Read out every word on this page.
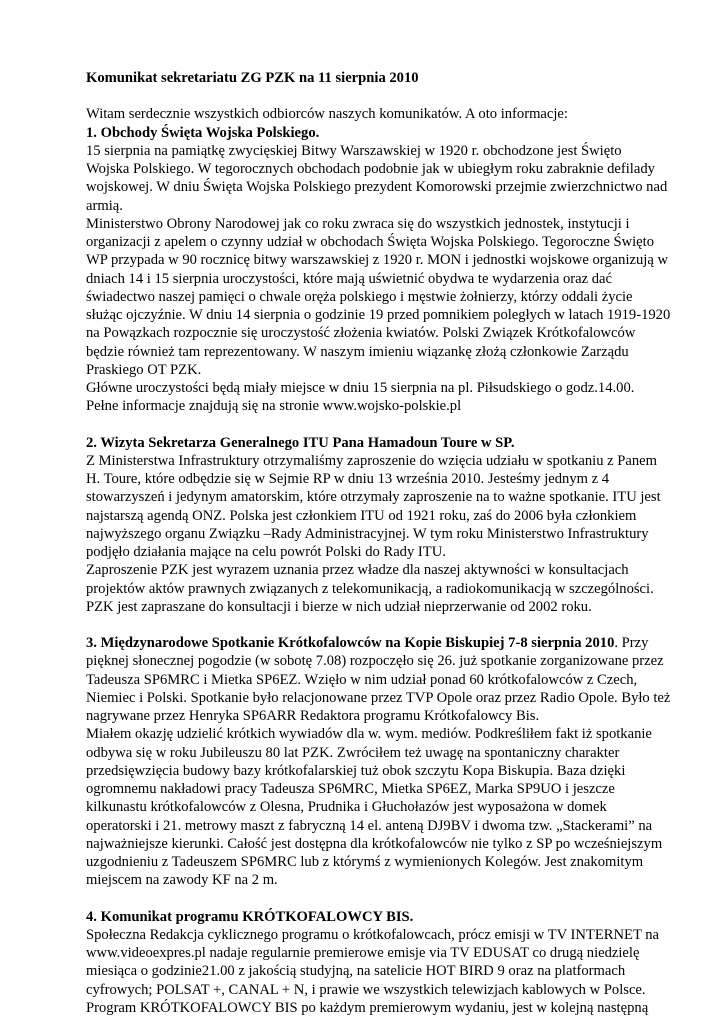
Komunikat sekretariatu ZG PZK na 11 sierpnia 2010

Witam serdecznie wszystkich odbiorców naszych komunikatów. A oto informacje:

1. Obchody Święta Wojska Polskiego.

15 sierpnia na pamiątkę zwycięskiej Bitwy Warszawskiej w 1920 r. obchodzone jest Święto
Wojska Polskiego. W tegorocznych obchodach podobnie jak w ubiegłym roku zabraknie defilady
wojskowej. W dniu Święta Wojska Polskiego prezydent Komorowski przejmie zwierzchnictwo nad
armią.
Ministerstwo Obrony Narodowej jak co roku zwraca się do wszystkich jednostek, instytucji i
organizacji z apelem o czynny udział w obchodach Święta Wojska Polskiego. Tegoroczne Święto
WP przypada w 90 rocznicę bitwy warszawskiej z 1920 r. MON i jednostki wojskowe organizują w
dniach 14 i 15 sierpnia uroczystości, które mają uświetnić obydwa te wydarzenia oraz dać
świadectwo naszej pamięci o chwale oręża polskiego i męstwie żołnierzy, którzy oddali życie
służąc ojczyźnie. W dniu 14 sierpnia o godzinie 19 przed pomnikiem poległych w latach 1919-1920
na Powązkach rozpocznie się uroczystość złożenia kwiatów. Polski Związek Krótkofalowców
będzie również tam reprezentowany. W naszym imieniu wiązankę złożą członkowie Zarządu
Praskiego OT PZK.
Główne uroczystości będą miały miejsce w dniu 15 sierpnia na pl. Piłsudskiego o godz.14.00.
Pełne informacje znajdują się na stronie www.wojsko-polskie.pl

2. Wizyta Sekretarza Generalnego ITU Pana Hamadoun Toure w SP.

Z Ministerstwa Infrastruktury otrzymaliśmy zaproszenie do wzięcia udziału w spotkaniu z Panem
H. Toure, które odbędzie się w Sejmie RP w dniu 13 września 2010. Jesteśmy jednym z 4
stowarzyszeń i jedynym amatorskim, które otrzymały zaproszenie na to ważne spotkanie. ITU jest
najstarszą agendą ONZ. Polska jest członkiem ITU od 1921 roku, zaś do 2006 była członkiem
najwyższego organu Związku –Rady Administracyjnej. W tym roku Ministerstwo Infrastruktury
podjęło działania mające na celu powrót Polski do Rady ITU.
Zaproszenie PZK jest wyrazem uznania przez władze dla naszej aktywności w konsultacjach
projektów aktów prawnych związanych z telekomunikacją, a radiokomunikacją w szczególności.
PZK jest zapraszane do konsultacji i bierze w nich udział nieprzerwanie od 2002 roku.

3. Międzynarodowe Spotkanie Krótkofalowców na Kopie Biskupiej 7-8 sierpnia 2010. Przy

pięknej słonecznej pogodzie (w sobotę 7.08) rozpoczęło się 26. już spotkanie zorganizowane przez
Tadeusza SP6MRC i Mietka SP6EZ. Wzięło w nim udział ponad 60 krótkofalowców z Czech,
Niemiec i Polski. Spotkanie było relacjonowane przez TVP Opole oraz przez Radio Opole. Było też
nagrywane przez Henryka SP6ARR Redaktora programu Krótkofalowcy Bis.
Miałem okazję udzielić krótkich wywiadów dla w. wym. mediów. Podkreśliłem fakt iż spotkanie
odbywa się w roku Jubileuszu 80 lat PZK. Zwróciłem też uwagę na spontaniczny charakter
przedsięwzięcia budowy bazy krótkofalarskiej tuż obok szczytu Kopa Biskupia. Baza dzięki
ogromnemu nakładowi pracy Tadeusza SP6MRC, Mietka SP6EZ, Marka SP9UO i jeszcze
kilkunastu krótkofalowców z Olesna, Prudnika i Głuchołazów jest wyposażona w domek
operatorski i 21. metrowy maszt z fabryczną 14 el. anteną DJ9BV i dwoma tzw. „Stackerami” na
najważniejsze kierunki. Całość jest dostępna dla krótkofalowców nie tylko z SP po wcześniejszym
uzgodnieniu z Tadeuszem SP6MRC lub z którymś z wymienionych Kolegów. Jest znakomitym
miejscem na zawody KF na 2 m.

4. Komunikat programu KRÓTKOFALOWCY BIS.

Społeczna Redakcja cyklicznego programu o krótkofalowcach, prócz emisji w TV INTERNET na
www.videoexpres.pl nadaje regularnie premierowe emisje via TV EDUSAT co drugą niedzielę
miesiąca o godzinie21.00 z jakością studyjną, na satelicie HOT BIRD 9 oraz na platformach
cyfrowych; POLSAT +, CANAL + N, i prawie we wszystkich telewizjach kablowych w Polsce.
Program KRÓTKOFALOWCY BIS po każdym premierowym wydaniu, jest w kolejną następną
